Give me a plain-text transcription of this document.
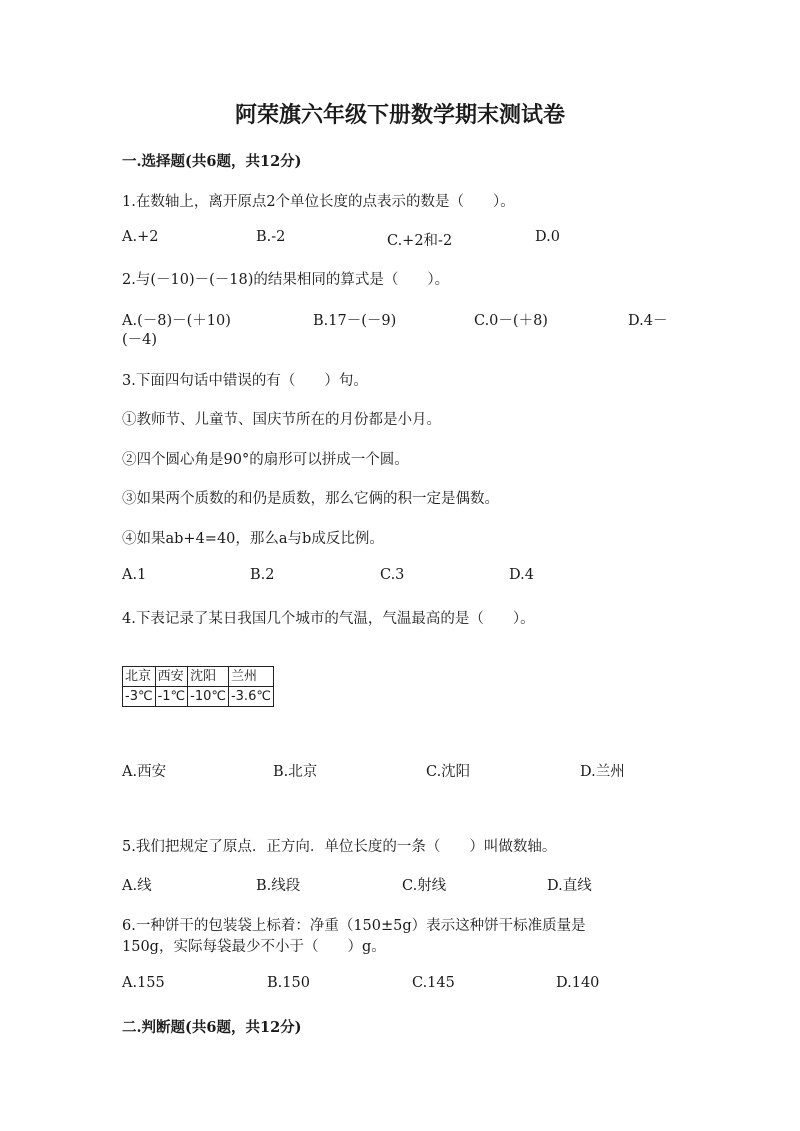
阿荣旗六年级下册数学期末测试卷
一.选择题(共6题，共12分)
1.在数轴上，离开原点2个单位长度的点表示的数是（　　）。
A.+2	B.-2	C.+2和-2	D.0
2.与(－10)－(－18)的结果相同的算式是（　　）。
A.(－8)－(＋10)	B.17－(－9)	C.0－(＋8)	D.4－
(－4)
3.下面四句话中错误的有（　　）句。
①教师节、儿童节、国庆节所在的月份都是小月。
②四个圆心角是90°的扇形可以拼成一个圆。
③如果两个质数的和仍是质数，那么它俩的积一定是偶数。
④如果ab+4=40，那么a与b成反比例。
A.1	B.2	C.3	D.4
4.下表记录了某日我国几个城市的气温，气温最高的是（　　）。
北京	西安	沈阳	兰州
-3℃	-1℃	-10℃	-3.6℃
A.西安	B.北京	C.沈阳	D.兰州
5.我们把规定了原点．正方向．单位长度的一条（　　）叫做数轴。
A.线	B.线段	C.射线	D.直线
6.一种饼干的包装袋上标着：净重（150±5g）表示这种饼干标准质量是
150g，实际每袋最少不小于（　　）g。
A.155	B.150	C.145	D.140
二.判断题(共6题，共12分)
